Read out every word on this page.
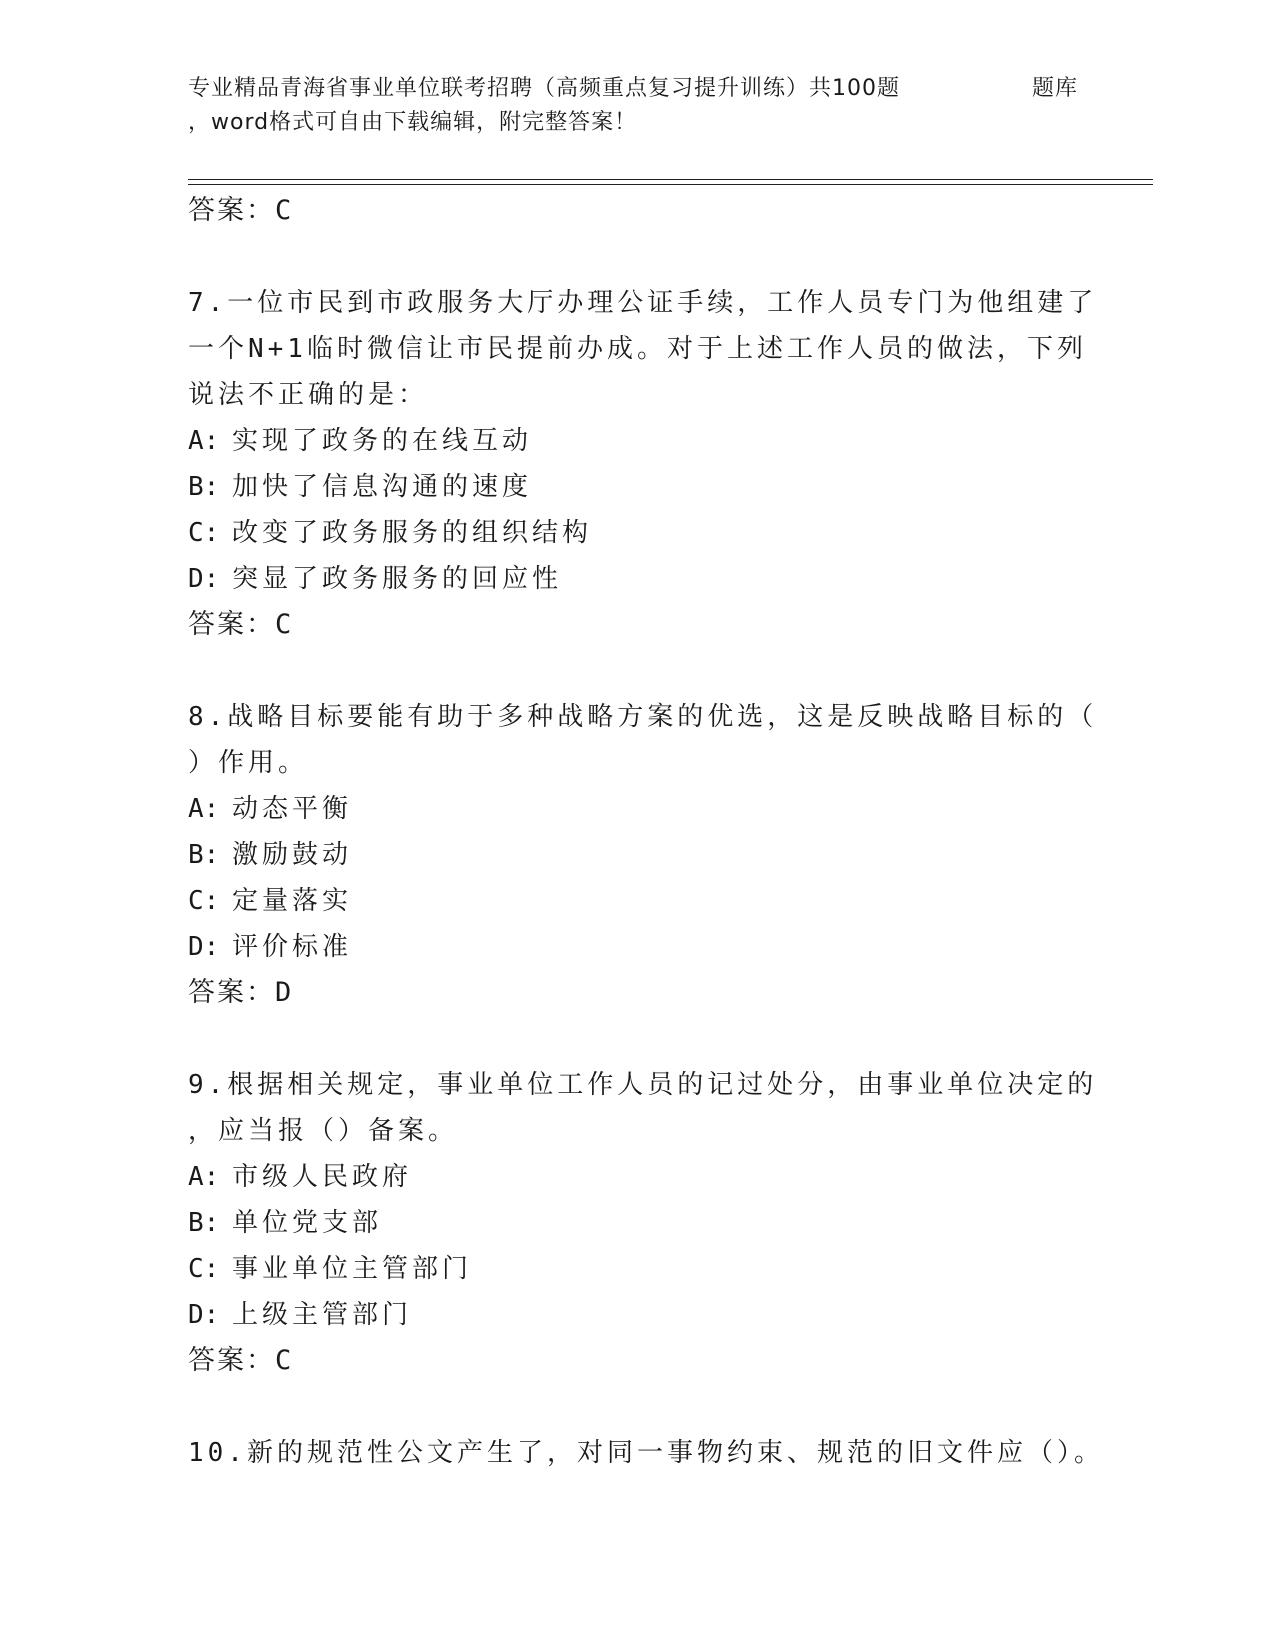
专业精品青海省事业单位联考招聘（高频重点复习提升训练）共100题
，word格式可自由下载编辑，附完整答案！
题库
答案：C
7.一位市民到市政服务大厅办理公证手续，工作人员专门为他组建了
一个N+1临时微信让市民提前办成。对于上述工作人员的做法，下列
说法不正确的是：
A: 实现了政务的在线互动
B: 加快了信息沟通的速度
C: 改变了政务服务的组织结构
D: 突显了政务服务的回应性
答案：C
8.战略目标要能有助于多种战略方案的优选，这是反映战略目标的（
）作用。
A: 动态平衡
B: 激励鼓动
C: 定量落实
D: 评价标准
答案：D
9.根据相关规定，事业单位工作人员的记过处分，由事业单位决定的
，应当报（）备案。
A: 市级人民政府
B: 单位党支部
C: 事业单位主管部门
D: 上级主管部门
答案：C
10.新的规范性公文产生了，对同一事物约束、规范的旧文件应（）。
